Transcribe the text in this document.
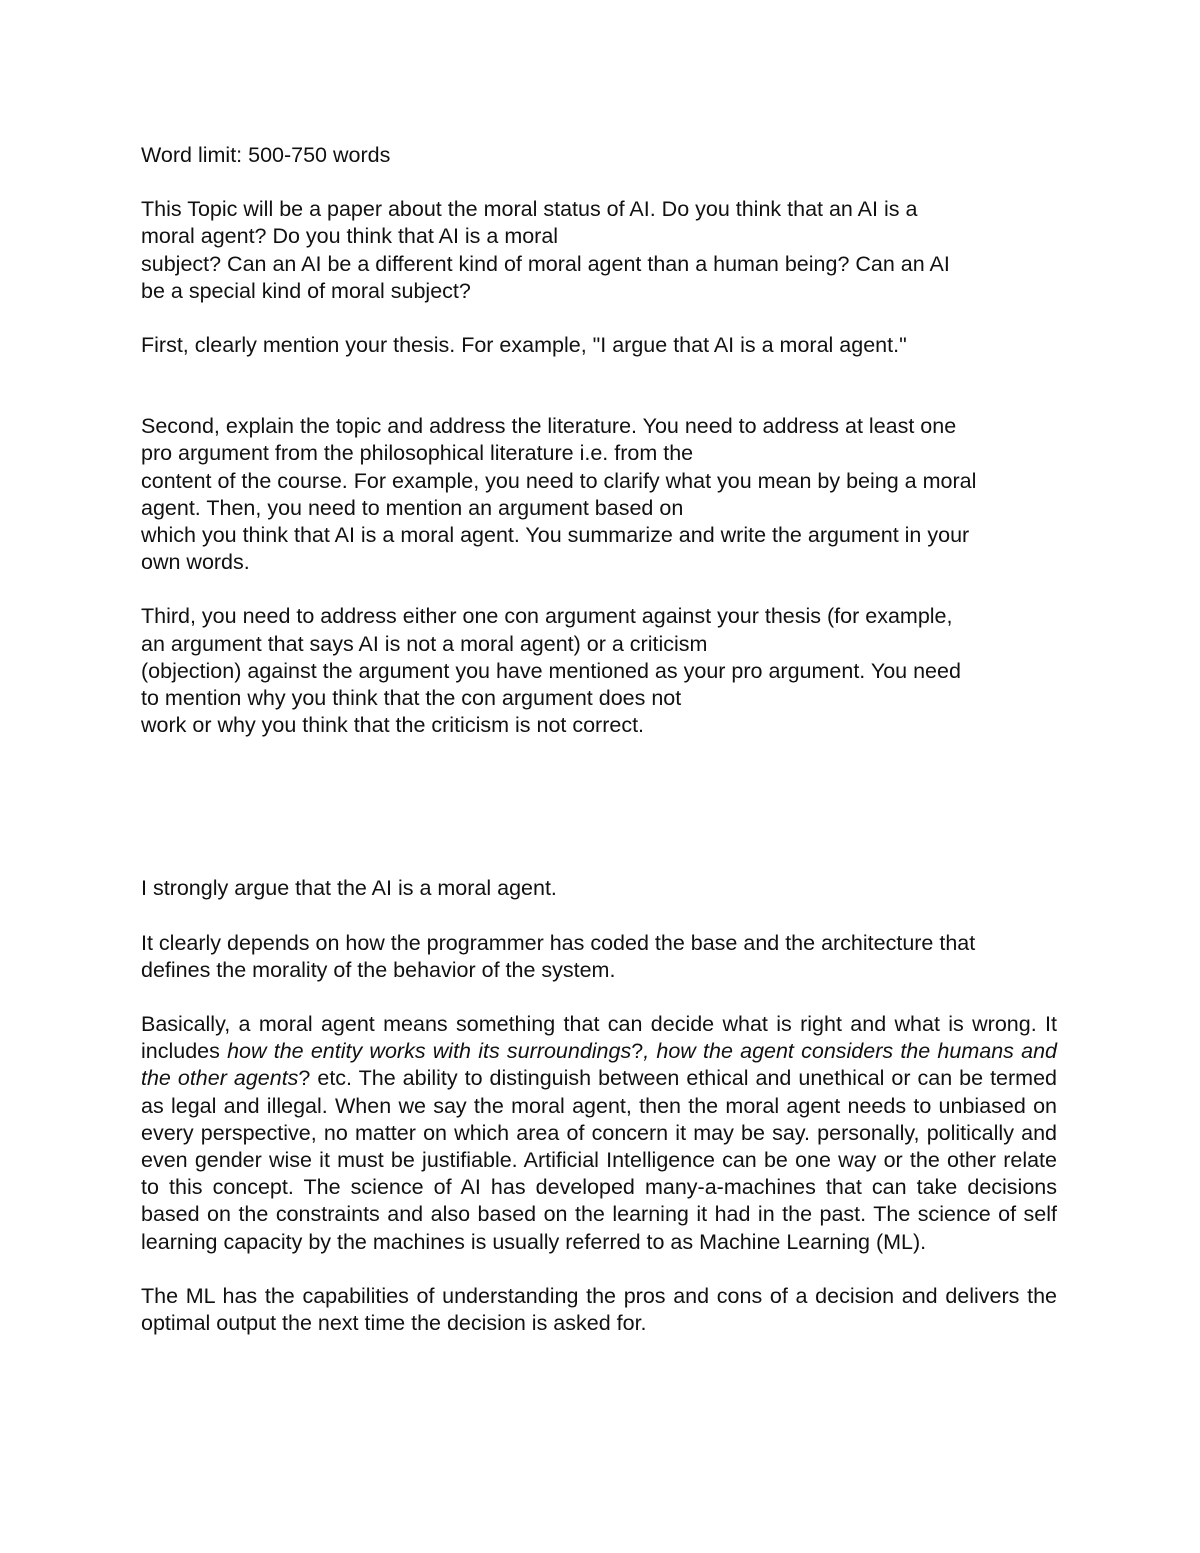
Word limit: 500-750 words

This Topic will be a paper about the moral status of AI. Do you think that an AI is a
moral agent? Do you think that AI is a moral
subject? Can an AI be a different kind of moral agent than a human being? Can an AI
be a special kind of moral subject?

First, clearly mention your thesis. For example, "I argue that AI is a moral agent."

Second, explain the topic and address the literature. You need to address at least one
pro argument from the philosophical literature i.e. from the
content of the course. For example, you need to clarify what you mean by being a moral
agent. Then, you need to mention an argument based on
which you think that AI is a moral agent. You summarize and write the argument in your
own words.

Third, you need to address either one con argument against your thesis (for example,
an argument that says AI is not a moral agent) or a criticism
(objection) against the argument you have mentioned as your pro argument. You need
to mention why you think that the con argument does not
work or why you think that the criticism is not correct.

I strongly argue that the AI is a moral agent.

It clearly depends on how the programmer has coded the base and the architecture that
defines the morality of the behavior of the system.

Basically, a moral agent means something that can decide what is right and what is wrong. It includes how the entity works with its surroundings?, how the agent considers the humans and the other agents? etc. The ability to distinguish between ethical and unethical or can be termed as legal and illegal. When we say the moral agent, then the moral agent needs to unbiased on every perspective, no matter on which area of concern it may be say. personally, politically and even gender wise it must be justifiable. Artificial Intelligence can be one way or the other relate to this concept. The science of AI has developed many-a-machines that can take decisions based on the constraints and also based on the learning it had in the past. The science of self learning capacity by the machines is usually referred to as Machine Learning (ML).

The ML has the capabilities of understanding the pros and cons of a decision and delivers the optimal output the next time the decision is asked for.
